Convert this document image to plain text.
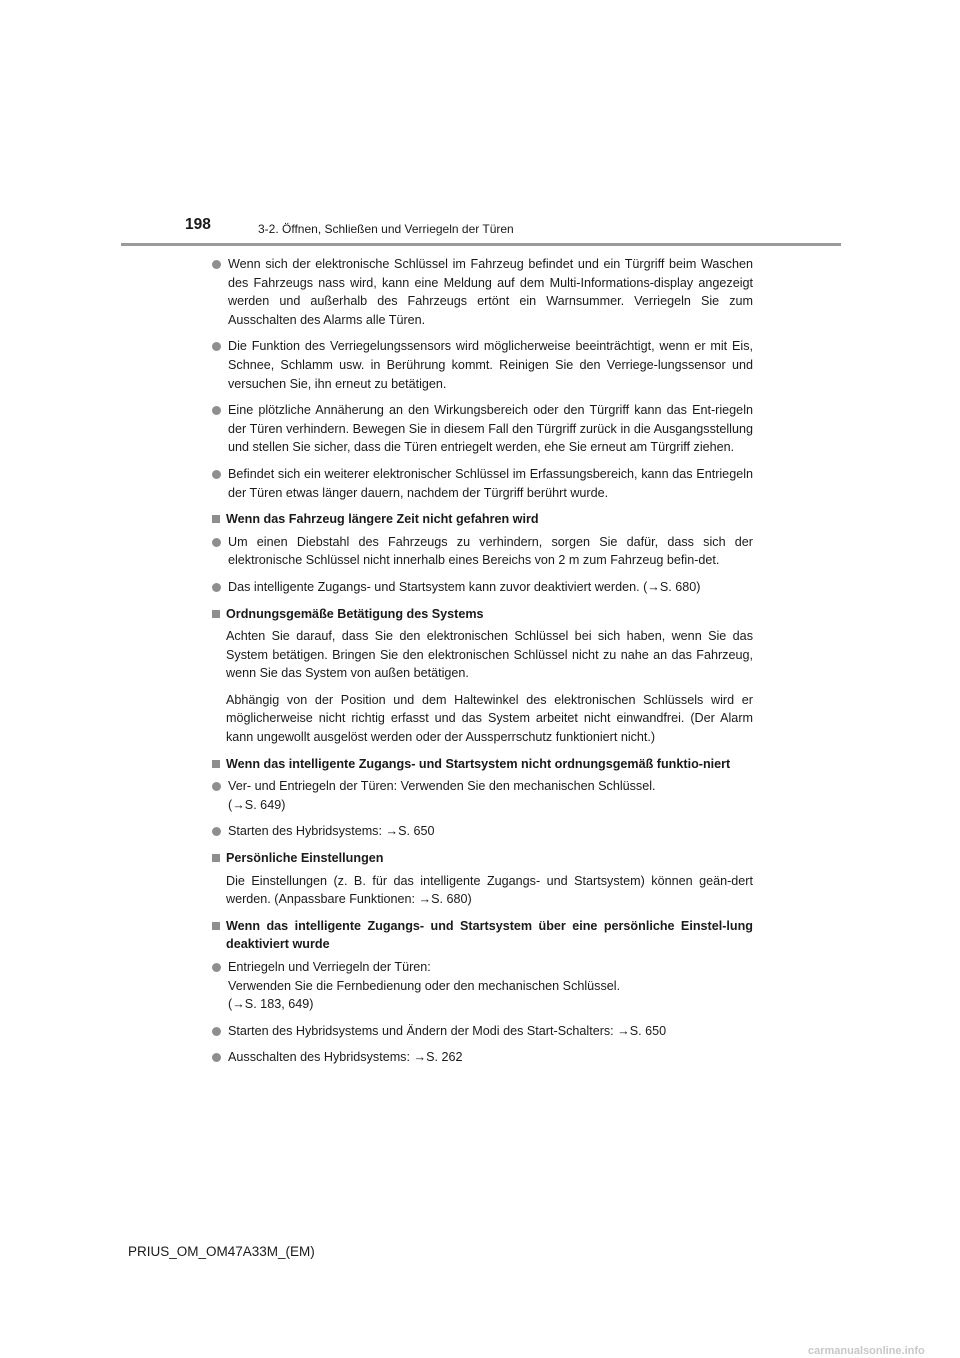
198	3-2. Öffnen, Schließen und Verriegeln der Türen
Wenn sich der elektronische Schlüssel im Fahrzeug befindet und ein Türgriff beim Waschen des Fahrzeugs nass wird, kann eine Meldung auf dem Multi-Informations-display angezeigt werden und außerhalb des Fahrzeugs ertönt ein Warnsummer. Verriegeln Sie zum Ausschalten des Alarms alle Türen.
Die Funktion des Verriegelungssensors wird möglicherweise beeinträchtigt, wenn er mit Eis, Schnee, Schlamm usw. in Berührung kommt. Reinigen Sie den Verriege-lungssensor und versuchen Sie, ihn erneut zu betätigen.
Eine plötzliche Annäherung an den Wirkungsbereich oder den Türgriff kann das Ent-riegeln der Türen verhindern. Bewegen Sie in diesem Fall den Türgriff zurück in die Ausgangsstellung und stellen Sie sicher, dass die Türen entriegelt werden, ehe Sie erneut am Türgriff ziehen.
Befindet sich ein weiterer elektronischer Schlüssel im Erfassungsbereich, kann das Entriegeln der Türen etwas länger dauern, nachdem der Türgriff berührt wurde.
Wenn das Fahrzeug längere Zeit nicht gefahren wird
Um einen Diebstahl des Fahrzeugs zu verhindern, sorgen Sie dafür, dass sich der elektronische Schlüssel nicht innerhalb eines Bereichs von 2 m zum Fahrzeug befin-det.
Das intelligente Zugangs- und Startsystem kann zuvor deaktiviert werden. (→S. 680)
Ordnungsgemäße Betätigung des Systems
Achten Sie darauf, dass Sie den elektronischen Schlüssel bei sich haben, wenn Sie das System betätigen. Bringen Sie den elektronischen Schlüssel nicht zu nahe an das Fahrzeug, wenn Sie das System von außen betätigen.
Abhängig von der Position und dem Haltewinkel des elektronischen Schlüssels wird er möglicherweise nicht richtig erfasst und das System arbeitet nicht einwandfrei. (Der Alarm kann ungewollt ausgelöst werden oder der Aussperrschutz funktioniert nicht.)
Wenn das intelligente Zugangs- und Startsystem nicht ordnungsgemäß funktio-niert
Ver- und Entriegeln der Türen: Verwenden Sie den mechanischen Schlüssel.
(→S. 649)
Starten des Hybridsystems: →S. 650
Persönliche Einstellungen
Die Einstellungen (z. B. für das intelligente Zugangs- und Startsystem) können geän-dert werden. (Anpassbare Funktionen: →S. 680)
Wenn das intelligente Zugangs- und Startsystem über eine persönliche Einstel-lung deaktiviert wurde
Entriegeln und Verriegeln der Türen:
Verwenden Sie die Fernbedienung oder den mechanischen Schlüssel.
(→S. 183, 649)
Starten des Hybridsystems und Ändern der Modi des Start-Schalters: →S. 650
Ausschalten des Hybridsystems: →S. 262
PRIUS_OM_OM47A33M_(EM)
carmanualsonline.info
